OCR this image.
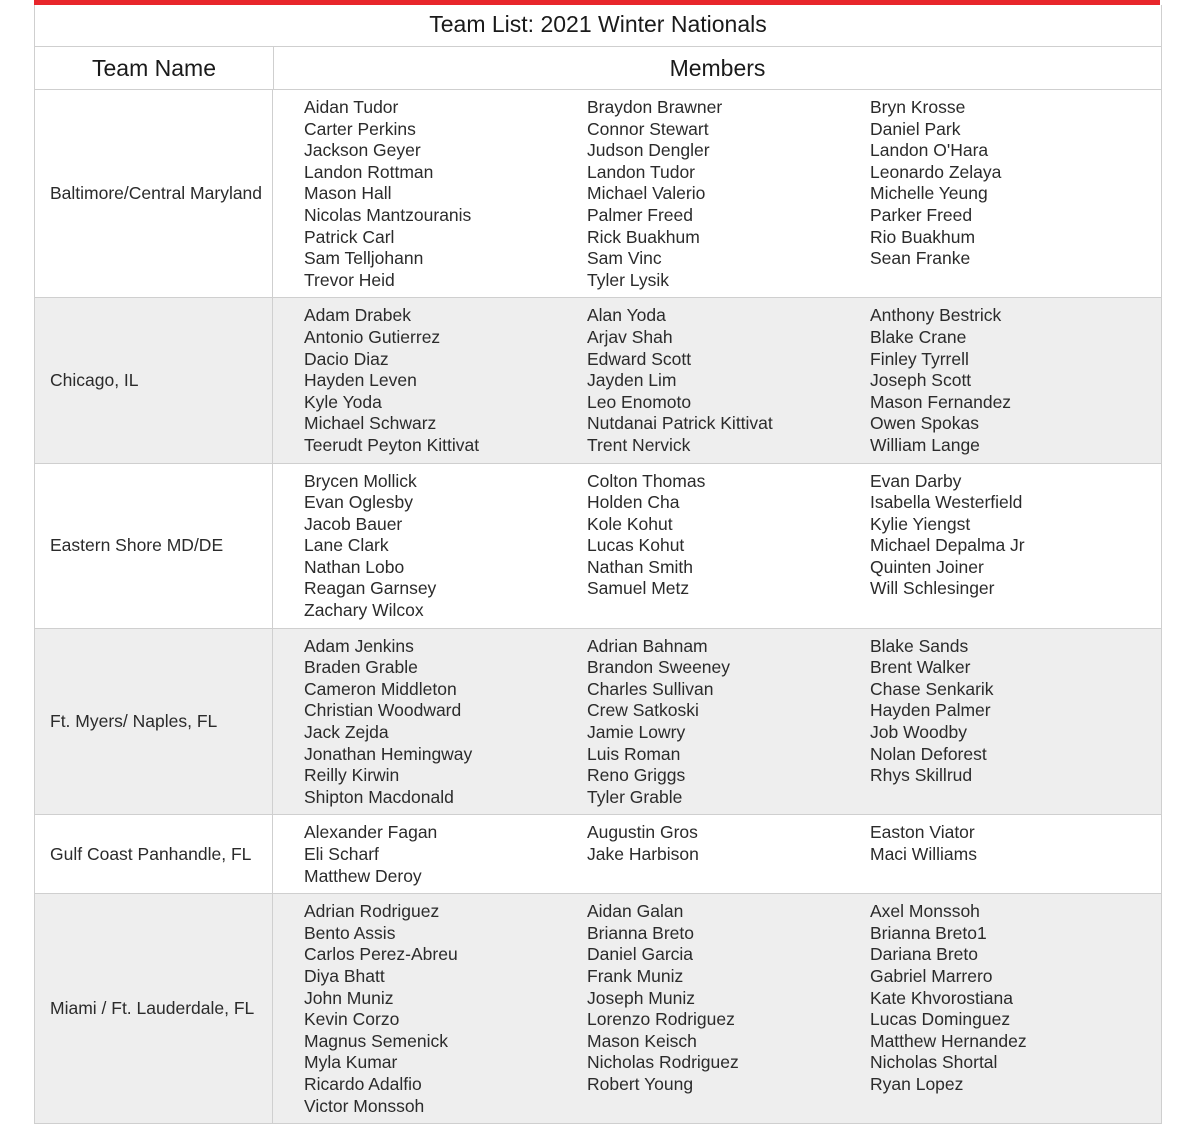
Team List: 2021 Winter Nationals
Team Name	Members
Baltimore/Central Maryland
Aidan Tudor
Carter Perkins
Jackson Geyer
Landon Rottman
Mason Hall
Nicolas Mantzouranis
Patrick Carl
Sam Telljohann
Trevor Heid
Braydon Brawner
Connor Stewart
Judson Dengler
Landon Tudor
Michael Valerio
Palmer Freed
Rick Buakhum
Sam Vinc
Tyler Lysik
Bryn Krosse
Daniel Park
Landon O'Hara
Leonardo Zelaya
Michelle Yeung
Parker Freed
Rio Buakhum
Sean Franke
Chicago, IL
Adam Drabek
Antonio Gutierrez
Dacio Diaz
Hayden Leven
Kyle Yoda
Michael Schwarz
Teerudt Peyton Kittivat
Alan Yoda
Arjav Shah
Edward Scott
Jayden Lim
Leo Enomoto
Nutdanai Patrick Kittivat
Trent Nervick
Anthony Bestrick
Blake Crane
Finley Tyrrell
Joseph Scott
Mason Fernandez
Owen Spokas
William Lange
Eastern Shore MD/DE
Brycen Mollick
Evan Oglesby
Jacob Bauer
Lane Clark
Nathan Lobo
Reagan Garnsey
Zachary Wilcox
Colton Thomas
Holden Cha
Kole Kohut
Lucas Kohut
Nathan Smith
Samuel Metz
Evan Darby
Isabella Westerfield
Kylie Yiengst
Michael Depalma Jr
Quinten Joiner
Will Schlesinger
Ft. Myers/ Naples, FL
Adam Jenkins
Braden Grable
Cameron Middleton
Christian Woodward
Jack Zejda
Jonathan Hemingway
Reilly Kirwin
Shipton Macdonald
Adrian Bahnam
Brandon Sweeney
Charles Sullivan
Crew Satkoski
Jamie Lowry
Luis Roman
Reno Griggs
Tyler Grable
Blake Sands
Brent Walker
Chase Senkarik
Hayden Palmer
Job Woodby
Nolan Deforest
Rhys Skillrud
Gulf Coast Panhandle, FL
Alexander Fagan
Eli Scharf
Matthew Deroy
Augustin Gros
Jake Harbison
Easton Viator
Maci Williams
Miami / Ft. Lauderdale, FL
Adrian Rodriguez
Bento Assis
Carlos Perez-Abreu
Diya Bhatt
John Muniz
Kevin Corzo
Magnus Semenick
Myla Kumar
Ricardo Adalfio
Victor Monssoh
Aidan Galan
Brianna Breto
Daniel Garcia
Frank Muniz
Joseph Muniz
Lorenzo Rodriguez
Mason Keisch
Nicholas Rodriguez
Robert Young
Axel Monssoh
Brianna Breto1
Dariana Breto
Gabriel Marrero
Kate Khvorostiana
Lucas Dominguez
Matthew Hernandez
Nicholas Shortal
Ryan Lopez
